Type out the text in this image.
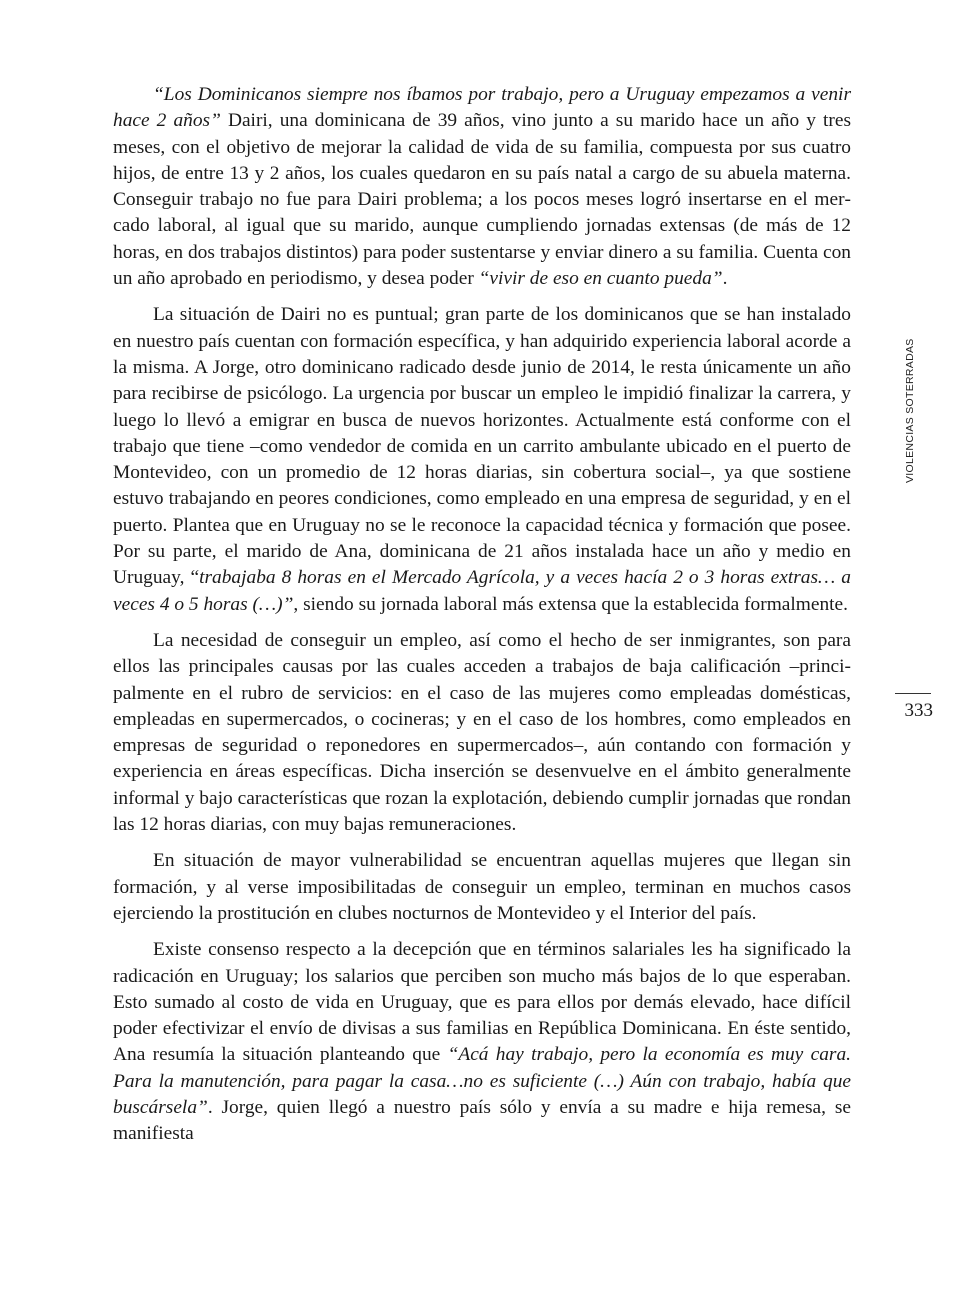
“Los Dominicanos siempre nos íbamos por trabajo, pero a Uruguay empezamos a venir hace 2 años” Dairi, una dominicana de 39 años, vino junto a su marido hace un año y tres meses, con el objetivo de mejorar la calidad de vida de su familia, compuesta por sus cuatro hijos, de entre 13 y 2 años, los cuales quedaron en su país natal a cargo de su abuela materna. Conseguir trabajo no fue para Dairi problema; a los pocos meses logró insertarse en el mercado laboral, al igual que su marido, aunque cumpliendo jornadas extensas (de más de 12 horas, en dos trabajos distintos) para poder sustentarse y enviar dinero a su familia. Cuenta con un año aprobado en periodismo, y desea poder “vivir de eso en cuanto pueda”.

La situación de Dairi no es puntual; gran parte de los dominicanos que se han instalado en nuestro país cuentan con formación específica, y han adquirido experiencia laboral acorde a la misma. A Jorge, otro dominicano radicado desde junio de 2014, le resta únicamente un año para recibirse de psicólogo. La urgencia por buscar un empleo le impidió finalizar la carrera, y luego lo llevó a emigrar en busca de nuevos horizontes. Actualmente está conforme con el trabajo que tiene –como vendedor de comida en un carrito ambulante ubicado en el puerto de Montevideo, con un promedio de 12 horas diarias, sin cobertura social–, ya que sostiene estuvo trabajando en peores condiciones, como empleado en una empresa de seguridad, y en el puerto. Plantea que en Uruguay no se le reconoce la capacidad técnica y formación que posee. Por su parte, el marido de Ana, dominicana de 21 años instalada hace un año y medio en Uruguay, “trabajaba 8 horas en el Mercado Agrícola, y a veces hacía 2 o 3 horas extras… a veces 4 o 5 horas (…)”, siendo su jornada laboral más extensa que la establecida formalmente.

La necesidad de conseguir un empleo, así como el hecho de ser inmigrantes, son para ellos las principales causas por las cuales acceden a trabajos de baja calificación –principalmente en el rubro de servicios: en el caso de las mujeres como empleadas domésticas, empleadas en supermercados, o cocineras; y en el caso de los hombres, como empleados en empresas de seguridad o reponedores en supermercados–, aún contando con formación y experiencia en áreas específicas. Dicha inserción se desenvuelve en el ámbito generalmente informal y bajo características que rozan la explotación, debiendo cumplir jornadas que rondan las 12 horas diarias, con muy bajas remuneraciones.

En situación de mayor vulnerabilidad se encuentran aquellas mujeres que llegan sin formación, y al verse imposibilitadas de conseguir un empleo, terminan en muchos casos ejerciendo la prostitución en clubes nocturnos de Montevideo y el Interior del país.

Existe consenso respecto a la decepción que en términos salariales les ha significado la radicación en Uruguay; los salarios que perciben son mucho más bajos de lo que esperaban. Esto sumado al costo de vida en Uruguay, que es para ellos por demás elevado, hace difícil poder efectivizar el envío de divisas a sus familias en República Dominicana. En éste sentido, Ana resumía la situación planteando que “Acá hay trabajo, pero la economía es muy cara. Para la manutención, para pagar la casa…no es suficiente (…) Aún con trabajo, había que buscársela”. Jorge, quien llegó a nuestro país sólo y envía a su madre e hija remesa, se manifiesta

VIOLENCIAS SOTERRADAS
333
